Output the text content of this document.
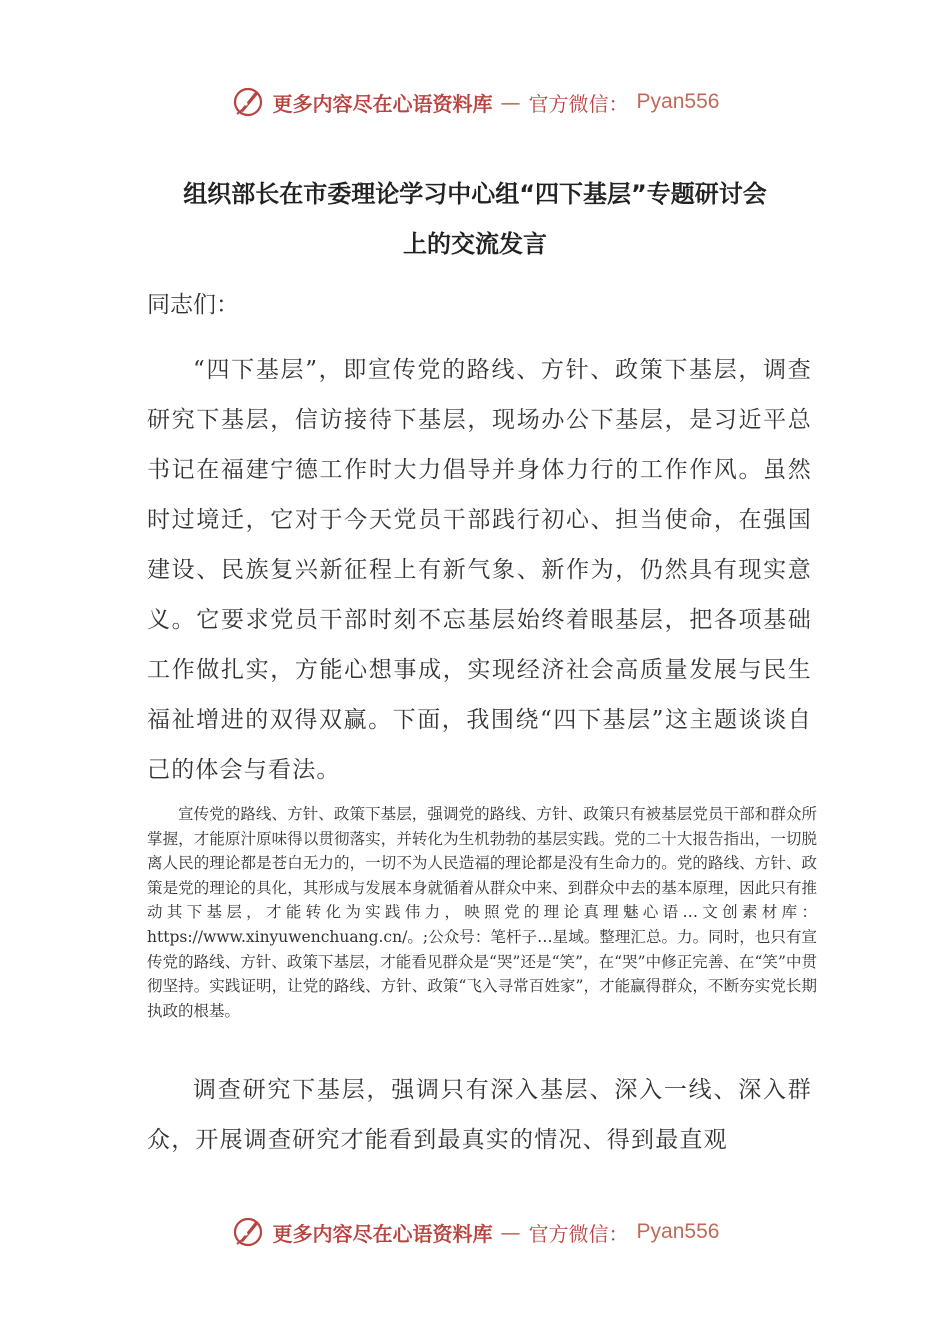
更多内容尽在心语资料库 — 官方微信： Pyan556
组织部长在市委理论学习中心组“四下基层”专题研讨会
上的交流发言
同志们：

“四下基层”，即宣传党的路线、方针、政策下基层，调查研究下基层，信访接待下基层，现场办公下基层，是习近平总书记在福建宁德工作时大力倡导并身体力行的工作作风。虽然时过境迁，它对于今天党员干部践行初心、担当使命，在强国建设、民族复兴新征程上有新气象、新作为，仍然具有现实意义。它要求党员干部时刻不忘基层始终着眼基层，把各项基础工作做扎实，方能心想事成，实现经济社会高质量发展与民生福祉增进的双得双赢。下面，我围绕“四下基层”这主题谈谈自己的体会与看法。

宣传党的路线、方针、政策下基层，强调党的路线、方针、政策只有被基层党员干部和群众所掌握，才能原汁原味得以贯彻落实，并转化为生机勃勃的基层实践。党的二十大报告指出，一切脱离人民的理论都是苍白无力的，一切不为人民造福的理论都是没有生命力的。党的路线、方针、政策是党的理论的具化，其形成与发展本身就循着从群众中来、到群众中去的基本原理，因此只有推动其下基层，才能转化为实践伟力，映照党的理论真理魅心语…文创素材库：https://www.xinyuwenchuang.cn/。;公众号：笔杆子…星域。整理汇总。力。同时，也只有宣传党的路线、方针、政策下基层，才能看见群众是“哭”还是“笑”，在“哭”中修正完善、在“笑”中贯彻坚持。实践证明，让党的路线、方针、政策“飞入寻常百姓家”，才能赢得群众，不断夯实党长期执政的根基。

调查研究下基层，强调只有深入基层、深入一线、深入群众，开展调查研究才能看到最真实的情况、得到最直观

更多内容尽在心语资料库 — 官方微信： Pyan556
